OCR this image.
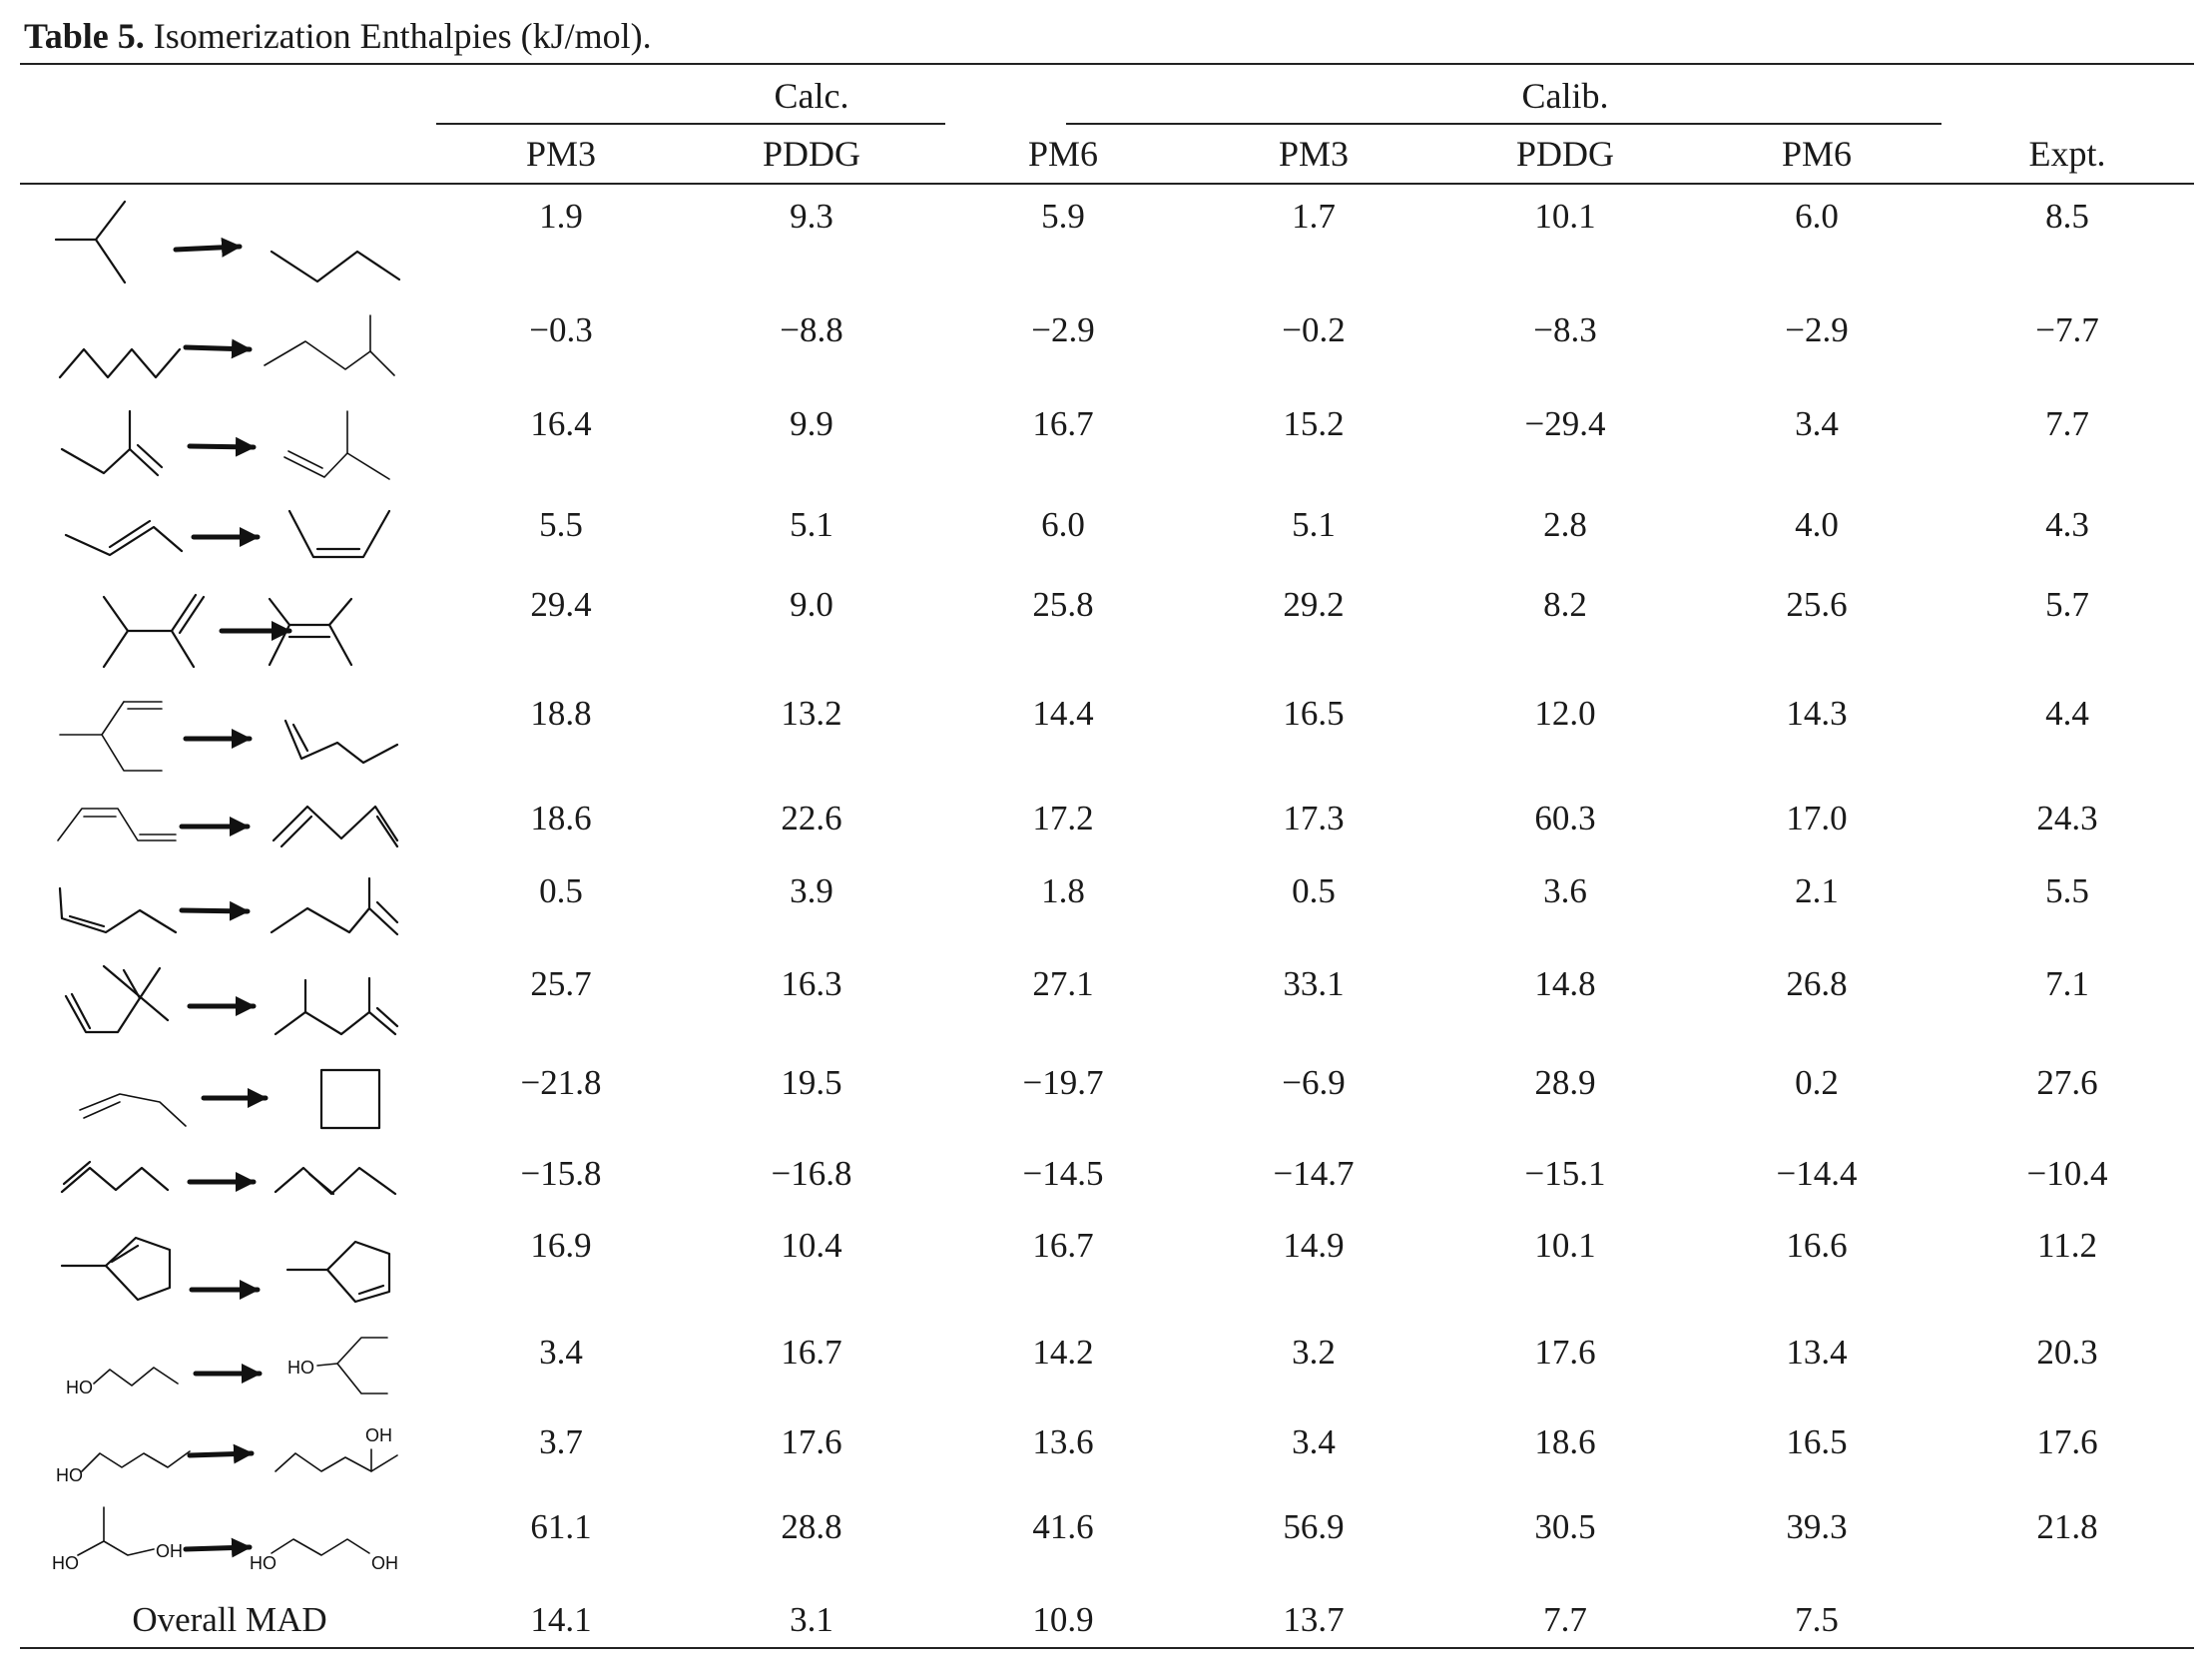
Table 5. Isomerization Enthalpies (kJ/mol).
Calc.	Calib.
PM3	PDDG	PM6	PM3	PDDG	PM6	Expt.
1.9	9.3	5.9	1.7	10.1	6.0	8.5
−0.3	−8.8	−2.9	−0.2	−8.3	−2.9	−7.7
16.4	9.9	16.7	15.2	−29.4	3.4	7.7
5.5	5.1	6.0	5.1	2.8	4.0	4.3
29.4	9.0	25.8	29.2	8.2	25.6	5.7
18.8	13.2	14.4	16.5	12.0	14.3	4.4
18.6	22.6	17.2	17.3	60.3	17.0	24.3
0.5	3.9	1.8	0.5	3.6	2.1	5.5
25.7	16.3	27.1	33.1	14.8	26.8	7.1
−21.8	19.5	−19.7	−6.9	28.9	0.2	27.6
−15.8	−16.8	−14.5	−14.7	−15.1	−14.4	−10.4
16.9	10.4	16.7	14.9	10.1	16.6	11.2
3.4	16.7	14.2	3.2	17.6	13.4	20.3
3.7	17.6	13.6	3.4	18.6	16.5	17.6
61.1	28.8	41.6	56.9	30.5	39.3	21.8
Overall MAD	14.1	3.1	10.9	13.7	7.7	7.5
HO
HO
HO
OH
HO
OH
HO	OH
